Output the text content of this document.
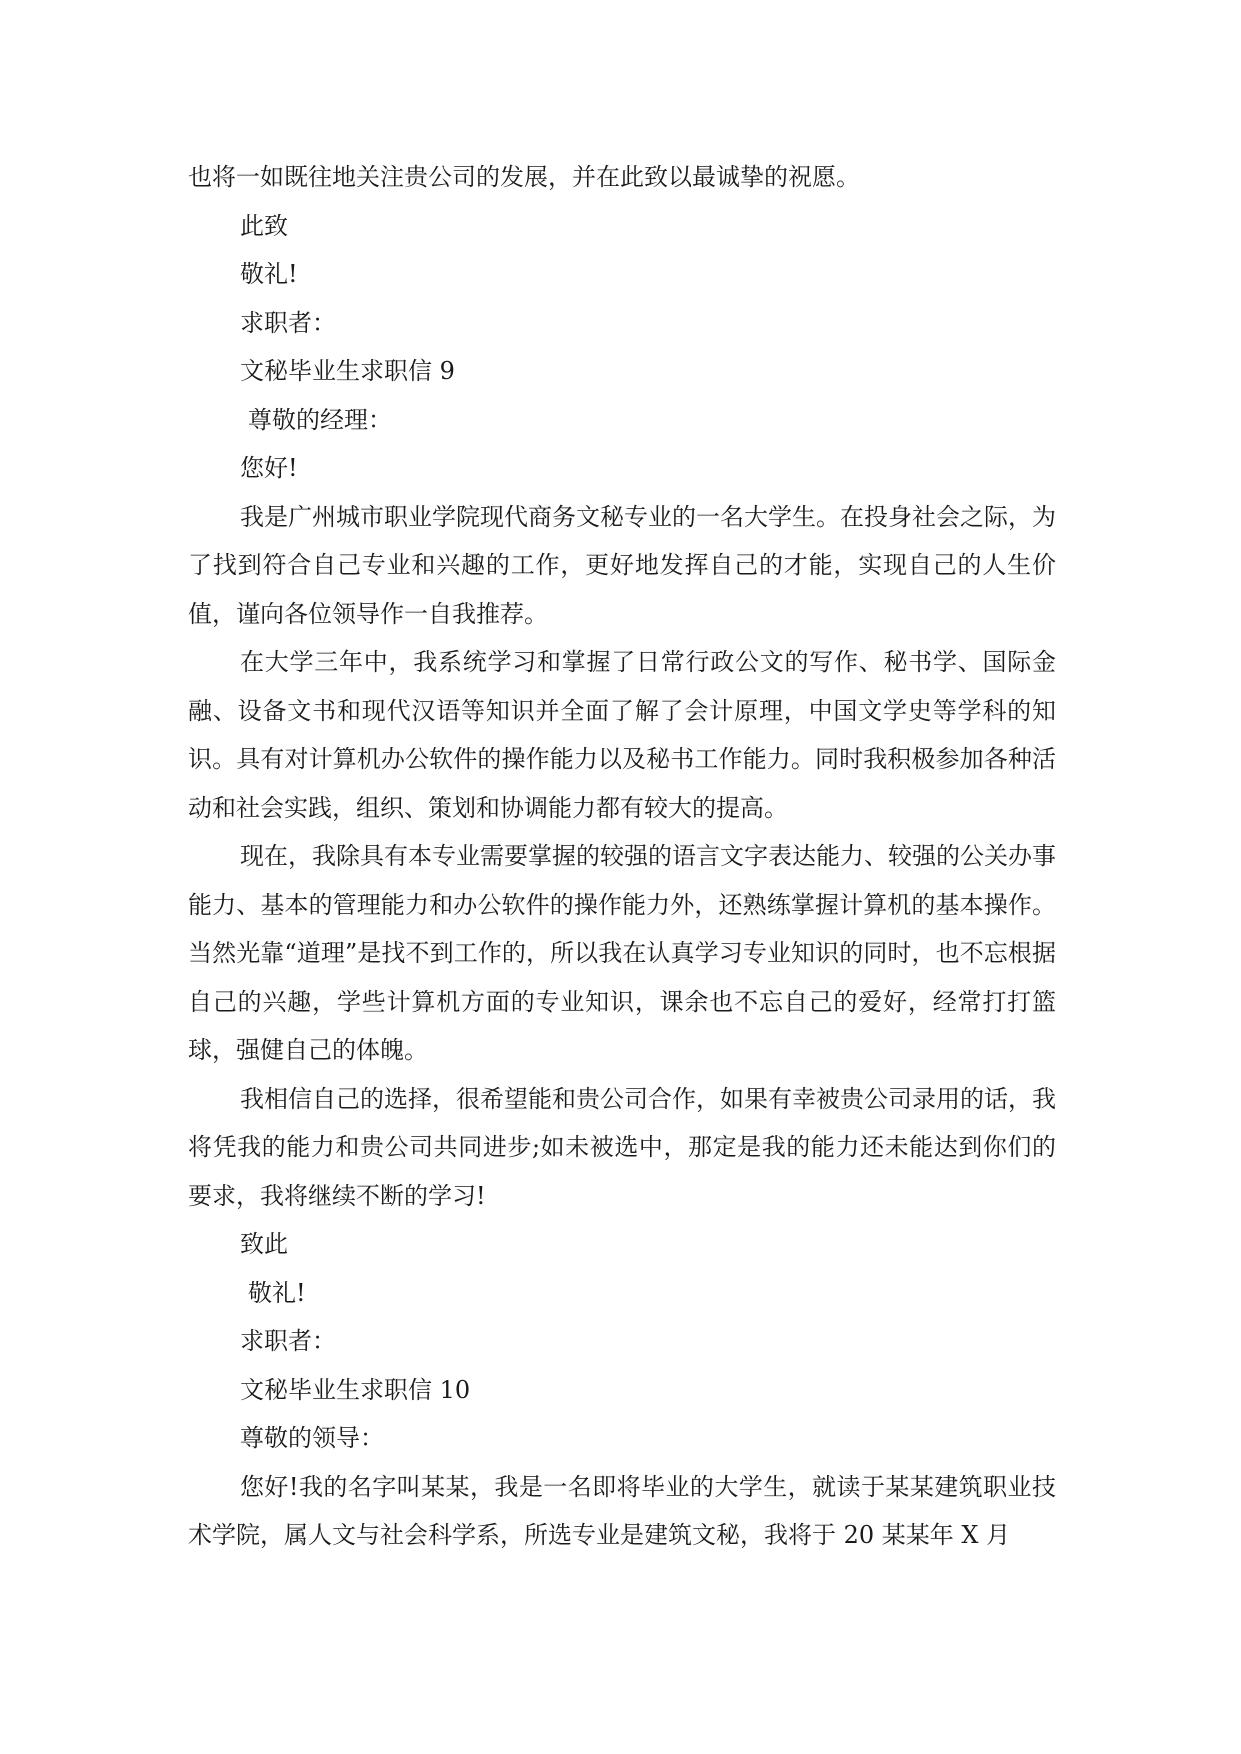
也将一如既往地关注贵公司的发展，并在此致以最诚挚的祝愿。

此致

敬礼!

求职者：

文秘毕业生求职信 9

尊敬的经理：

您好!

我是广州城市职业学院现代商务文秘专业的一名大学生。在投身社会之际，为了找到符合自己专业和兴趣的工作，更好地发挥自己的才能，实现自己的人生价值，谨向各位领导作一自我推荐。

在大学三年中，我系统学习和掌握了日常行政公文的写作、秘书学、国际金融、设备文书和现代汉语等知识并全面了解了会计原理，中国文学史等学科的知识。具有对计算机办公软件的操作能力以及秘书工作能力。同时我积极参加各种活动和社会实践，组织、策划和协调能力都有较大的提高。

现在，我除具有本专业需要掌握的较强的语言文字表达能力、较强的公关办事能力、基本的管理能力和办公软件的操作能力外，还熟练掌握计算机的基本操作。当然光靠“道理”是找不到工作的，所以我在认真学习专业知识的同时，也不忘根据自己的兴趣，学些计算机方面的专业知识，课余也不忘自己的爱好，经常打打篮球，强健自己的体魄。

我相信自己的选择，很希望能和贵公司合作，如果有幸被贵公司录用的话，我将凭我的能力和贵公司共同进步;如未被选中，那定是我的能力还未能达到你们的要求，我将继续不断的学习!

致此

敬礼!

求职者：

文秘毕业生求职信 10

尊敬的领导：

您好!我的名字叫某某，我是一名即将毕业的大学生，就读于某某建筑职业技术学院，属人文与社会科学系，所选专业是建筑文秘，我将于 20 某某年 X 月
